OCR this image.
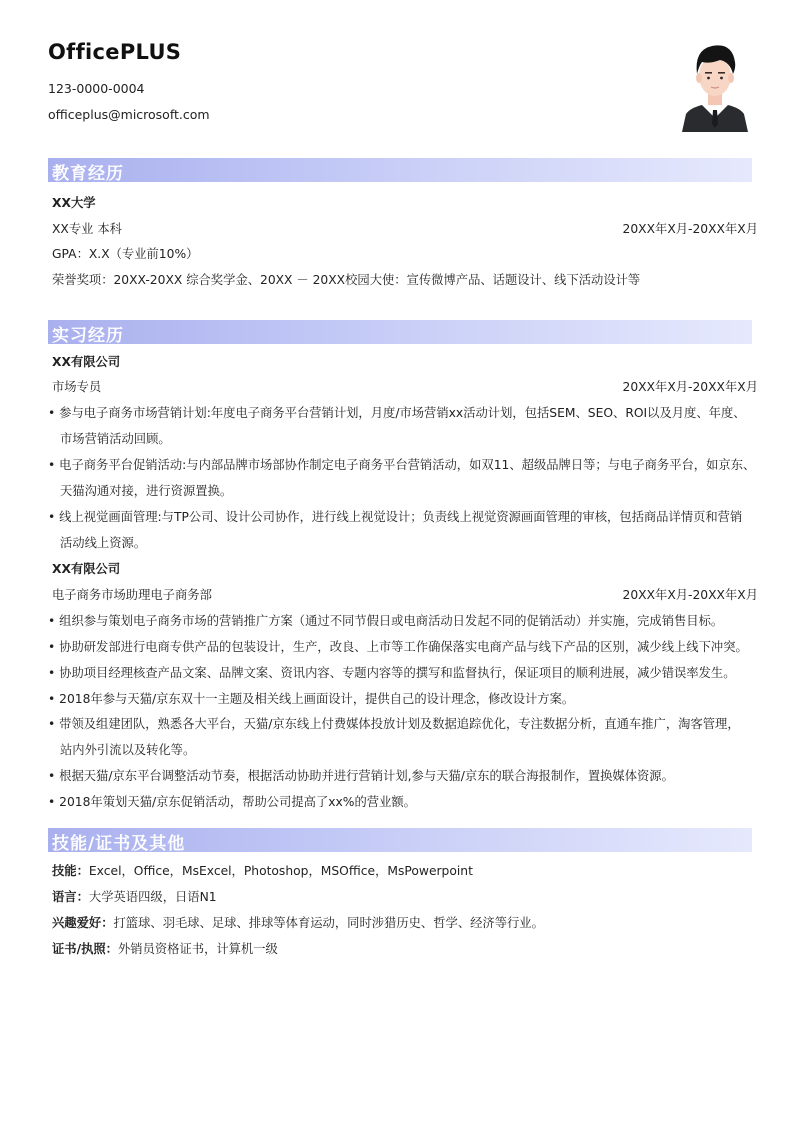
OfficePLUS
123-0000-0004
officeplus@microsoft.com
教育经历
XX大学
XX专业 本科	20XX年X月-20XX年X月
GPA：X.X（专业前10%）
荣誉奖项：20XX-20XX 综合奖学金、20XX － 20XX校园大使：宣传微博产品、话题设计、线下活动设计等
实习经历
XX有限公司
市场专员	20XX年X月-20XX年X月
• 参与电子商务市场营销计划:年度电子商务平台营销计划，月度/市场营销xx活动计划，包括SEM、SEO、ROI以及月度、年度、
市场营销活动回顾。
• 电子商务平台促销活动:与内部品牌市场部协作制定电子商务平台营销活动，如双11、超级品牌日等；与电子商务平台，如京东、
天猫沟通对接，进行资源置换。
• 线上视觉画面管理:与TP公司、设计公司协作，进行线上视觉设计；负责线上视觉资源画面管理的审核，包括商品详情页和营销
活动线上资源。
XX有限公司
电子商务市场助理电子商务部	20XX年X月-20XX年X月
• 组织参与策划电子商务市场的营销推广方案（通过不同节假日或电商活动日发起不同的促销活动）并实施，完成销售目标。
• 协助研发部进行电商专供产品的包装设计，生产，改良、上市等工作确保落实电商产品与线下产品的区别，减少线上线下冲突。
• 协助项目经理核查产品文案、品牌文案、资讯内容、专题内容等的撰写和监督执行，保证项目的顺利进展，减少错误率发生。
• 2018年参与天猫/京东双十一主题及相关线上画面设计，提供自己的设计理念，修改设计方案。
• 带领及组建团队，熟悉各大平台，天猫/京东线上付费媒体投放计划及数据追踪优化，专注数据分析，直通车推广，淘客管理，
站内外引流以及转化等。
• 根据天猫/京东平台调整活动节奏，根据活动协助并进行营销计划,参与天猫/京东的联合海报制作，置换媒体资源。
• 2018年策划天猫/京东促销活动，帮助公司提高了xx%的营业额。
技能/证书及其他
技能：Excel，Office，MsExcel，Photoshop，MSOffice，MsPowerpoint
语言：大学英语四级，日语N1
兴趣爱好：打篮球、羽毛球、足球、排球等体育运动，同时涉猎历史、哲学、经济等行业。
证书/执照：外销员资格证书，计算机一级
